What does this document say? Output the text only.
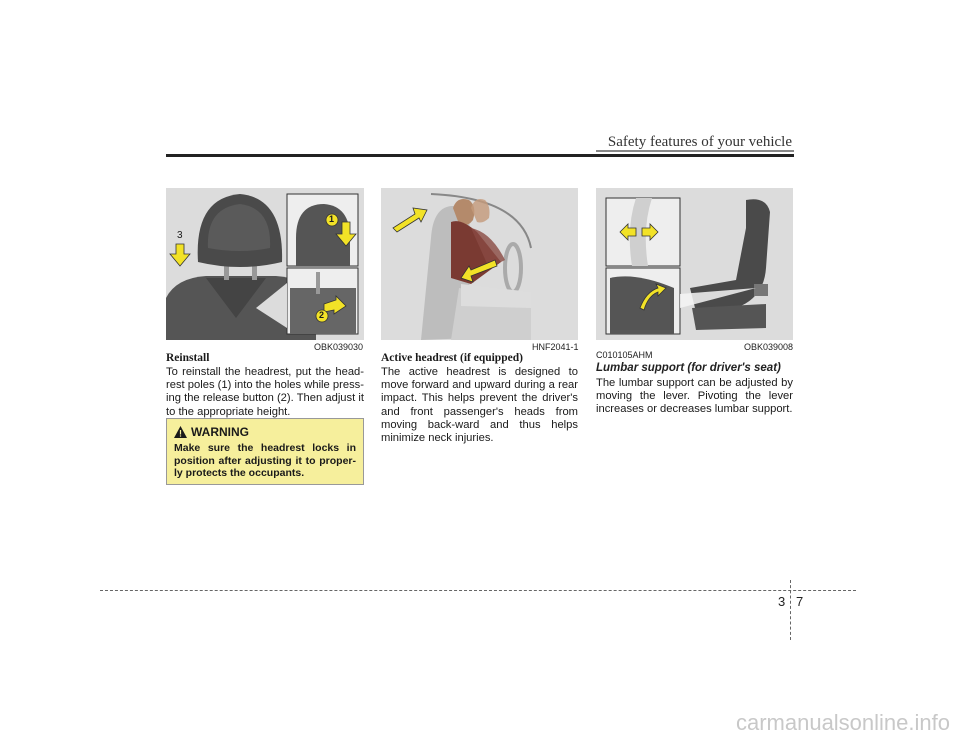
Safety features of your vehicle
1
2
3
OBK039030
Reinstall
To reinstall the headrest, put the head-rest poles (1) into the holes while press-ing the release button (2). Then adjust it to the appropriate height.
WARNING
Make sure the headrest locks in position after adjusting it to proper-ly protects the occupants.
HNF2041-1
Active headrest (if equipped)
The active headrest is designed to move forward and upward during a rear impact. This helps prevent the driver's and front passenger's heads from moving back-ward and thus helps minimize neck injuries.
OBK039008
C010105AHM
Lumbar support (for driver's seat)
The lumbar support can be adjusted by moving the lever. Pivoting the lever increases or decreases lumbar support.
3 7
carmanualsonline.info
